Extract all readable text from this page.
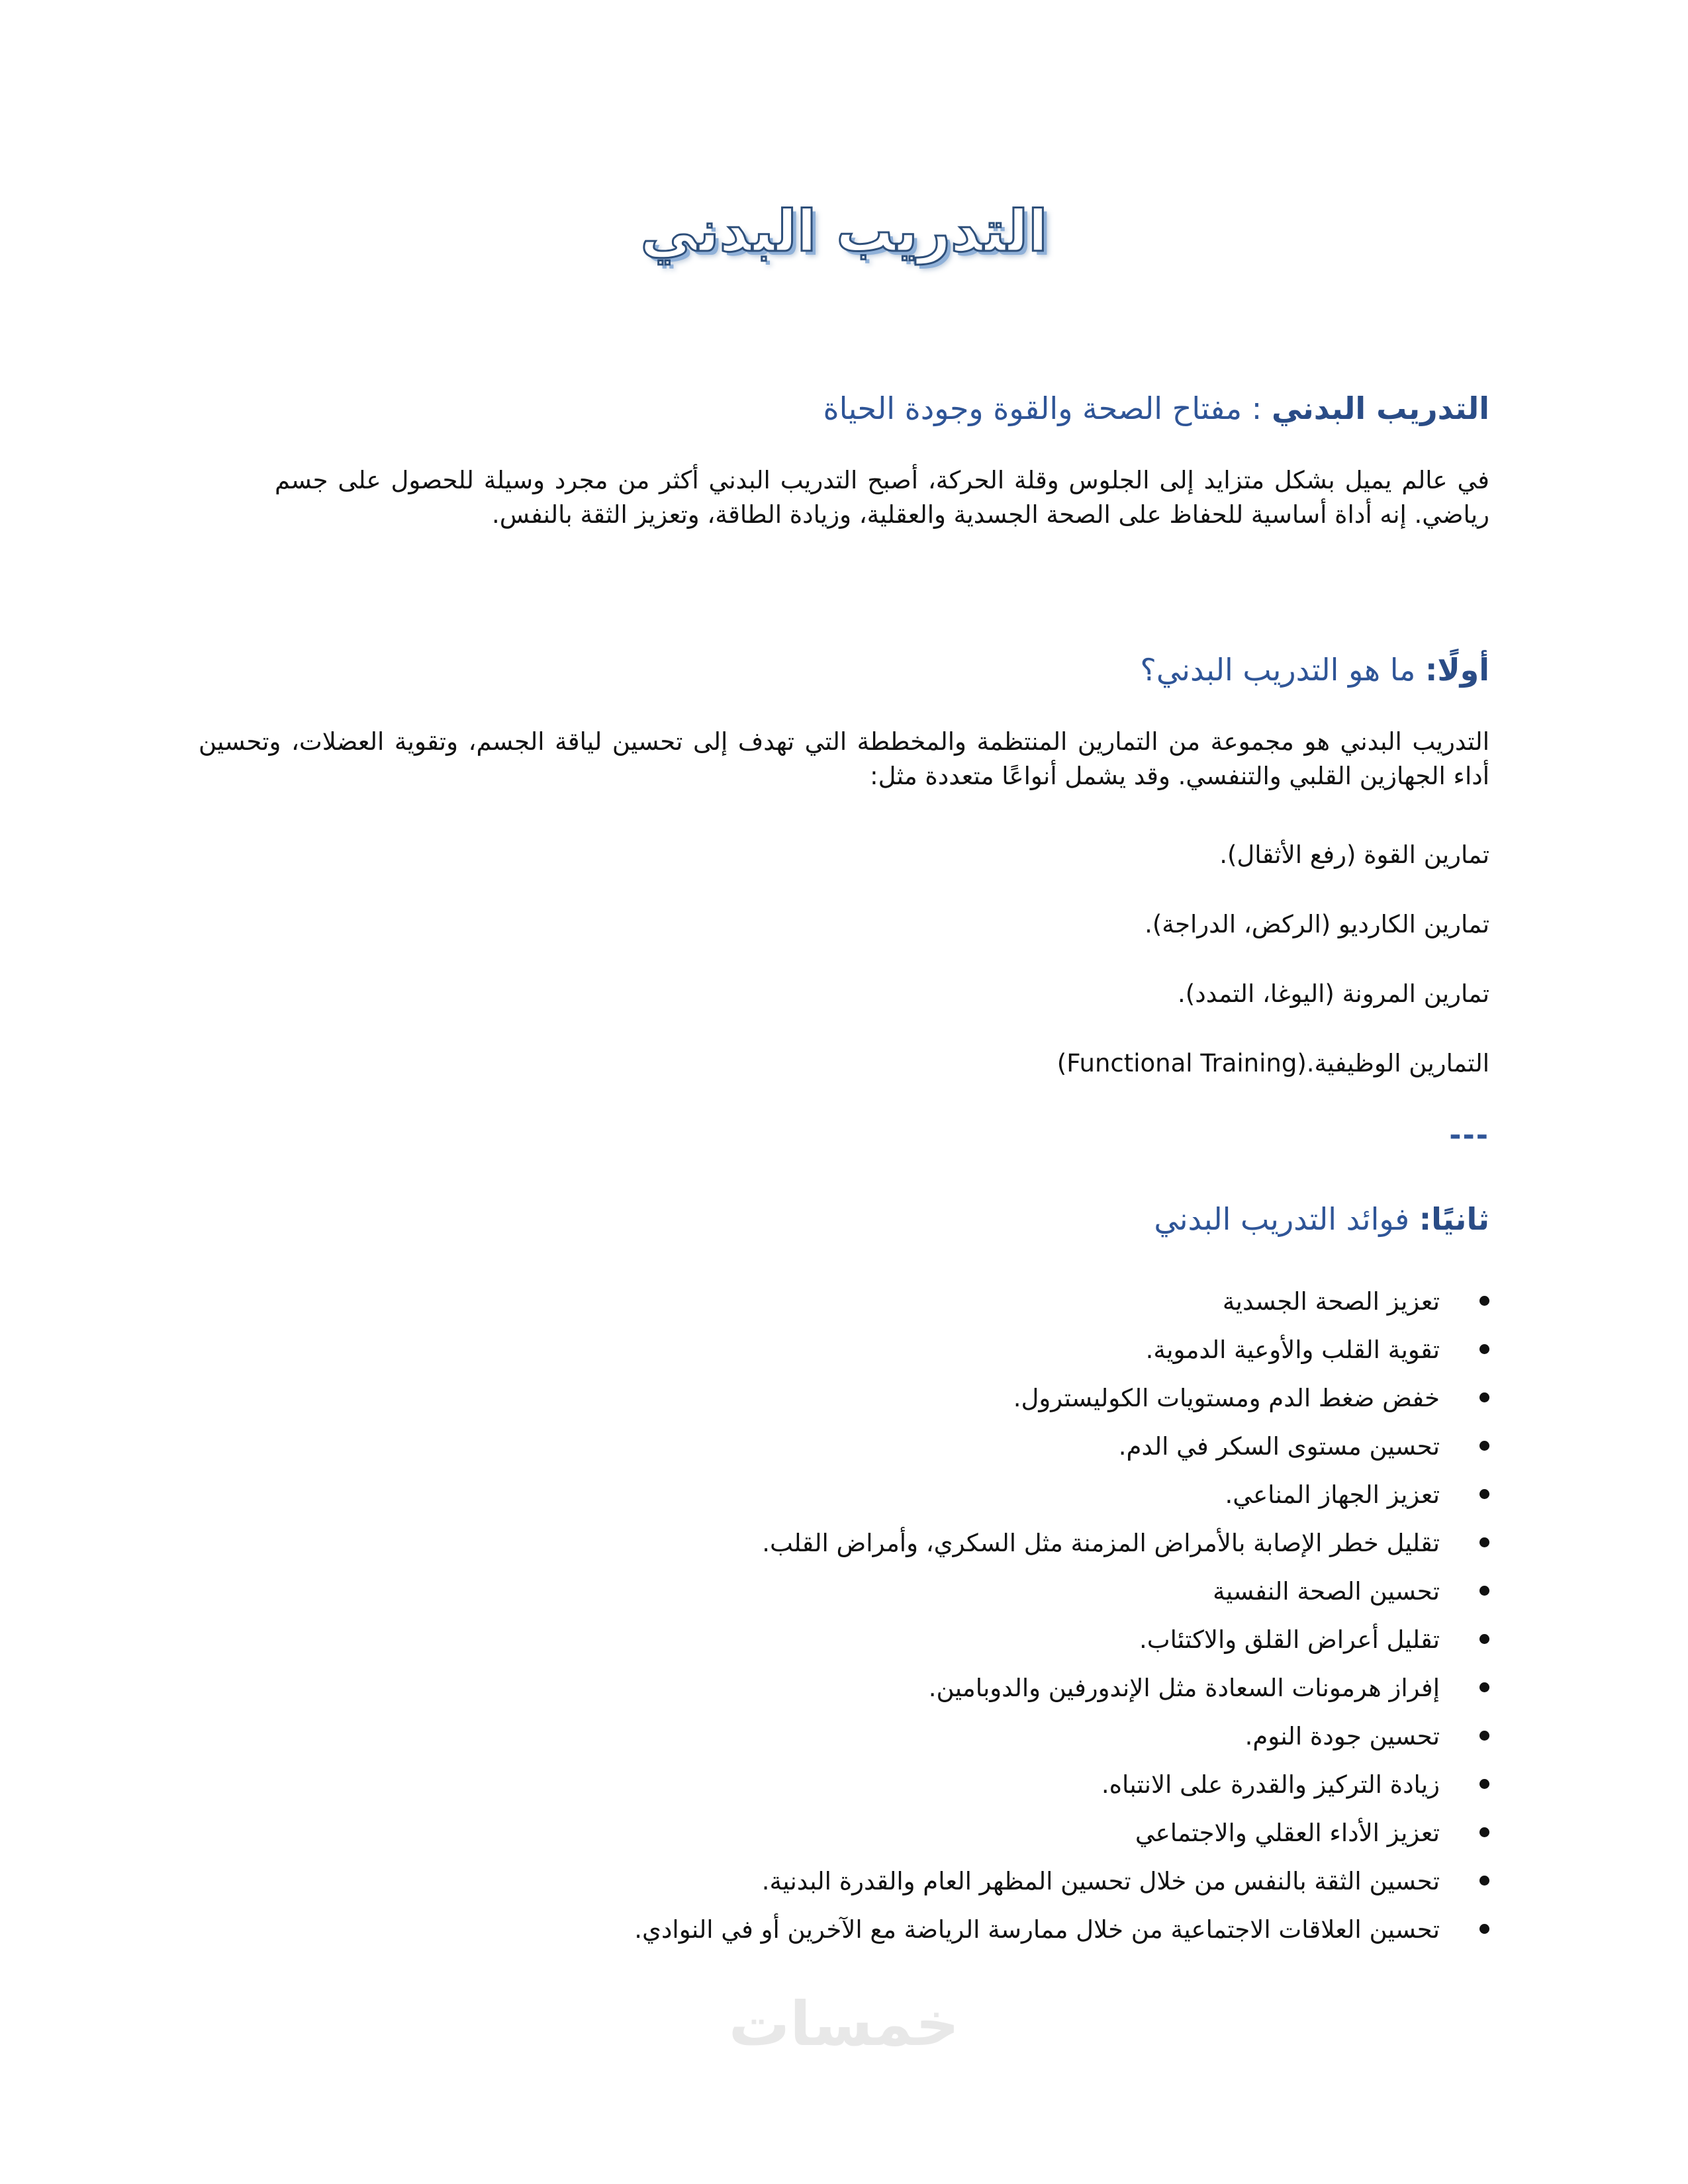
التدريب البدني
التدريب البدني : مفتاح الصحة والقوة وجودة الحياة

في عالم يميل بشكل متزايد إلى الجلوس وقلة الحركة، أصبح التدريب البدني أكثر من مجرد وسيلة للحصول على جسم رياضي. إنه أداة أساسية للحفاظ على الصحة الجسدية والعقلية، وزيادة الطاقة، وتعزيز الثقة بالنفس.

أولًا: ما هو التدريب البدني؟

التدريب البدني هو مجموعة من التمارين المنتظمة والمخططة التي تهدف إلى تحسين لياقة الجسم، وتقوية العضلات، وتحسين أداء الجهازين القلبي والتنفسي. وقد يشمل أنواعًا متعددة مثل:

تمارين القوة (رفع الأثقال).

تمارين الكارديو (الركض، الدراجة).

تمارين المرونة (اليوغا، التمدد).

التمارين الوظيفية.(Functional Training)

---

ثانيًا: فوائد التدريب البدني
تعزيز الصحة الجسدية
تقوية القلب والأوعية الدموية.
خفض ضغط الدم ومستويات الكوليسترول.
تحسين مستوى السكر في الدم.
تعزيز الجهاز المناعي.
تقليل خطر الإصابة بالأمراض المزمنة مثل السكري، وأمراض القلب.
تحسين الصحة النفسية
تقليل أعراض القلق والاكتئاب.
إفراز هرمونات السعادة مثل الإندورفين والدوبامين.
تحسين جودة النوم.
زيادة التركيز والقدرة على الانتباه.
تعزيز الأداء العقلي والاجتماعي
تحسين الثقة بالنفس من خلال تحسين المظهر العام والقدرة البدنية.
تحسين العلاقات الاجتماعية من خلال ممارسة الرياضة مع الآخرين أو في النوادي.
خمسات
